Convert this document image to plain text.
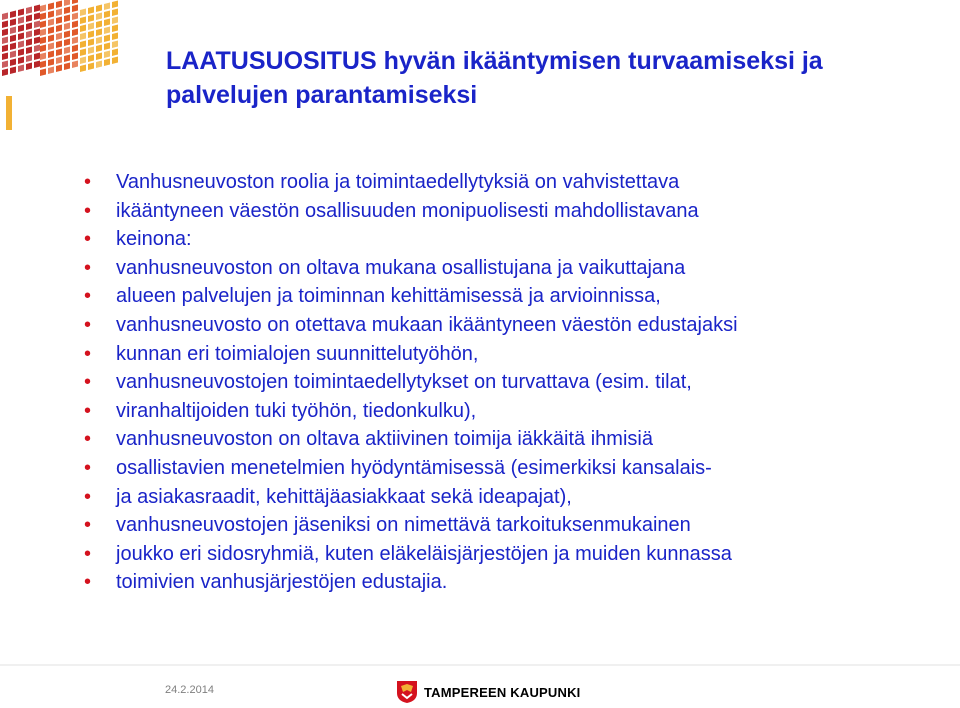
LAATUSUOSITUS hyvän ikääntymisen turvaamiseksi ja palvelujen parantamiseksi
• Vanhusneuvoston roolia ja toimintaedellytyksiä on vahvistettava
• ikääntyneen väestön osallisuuden monipuolisesti mahdollistavana
• keinona:
• vanhusneuvoston on oltava mukana osallistujana ja vaikuttajana
• alueen palvelujen ja toiminnan kehittämisessä ja arvioinnissa,
• vanhusneuvosto on otettava mukaan ikääntyneen väestön edustajaksi
• kunnan eri toimialojen suunnittelutyöhön,
• vanhusneuvostojen toimintaedellytykset on turvattava (esim. tilat,
• viranhaltijoiden tuki työhön, tiedonkulku),
• vanhusneuvoston on oltava aktiivinen toimija iäkkäitä ihmisiä
• osallistavien menetelmien hyödyntämisessä (esimerkiksi kansalais-
• ja asiakasraadit, kehittäjäasiakkaat sekä ideapajat),
• vanhusneuvostojen jäseniksi on nimettävä tarkoituksenmukainen
• joukko eri sidosryhmiä, kuten eläkeläisjärjestöjen ja muiden kunnassa
• toimivien vanhusjärjestöjen edustajia.
24.2.2014	TAMPEREEN KAUPUNKI
